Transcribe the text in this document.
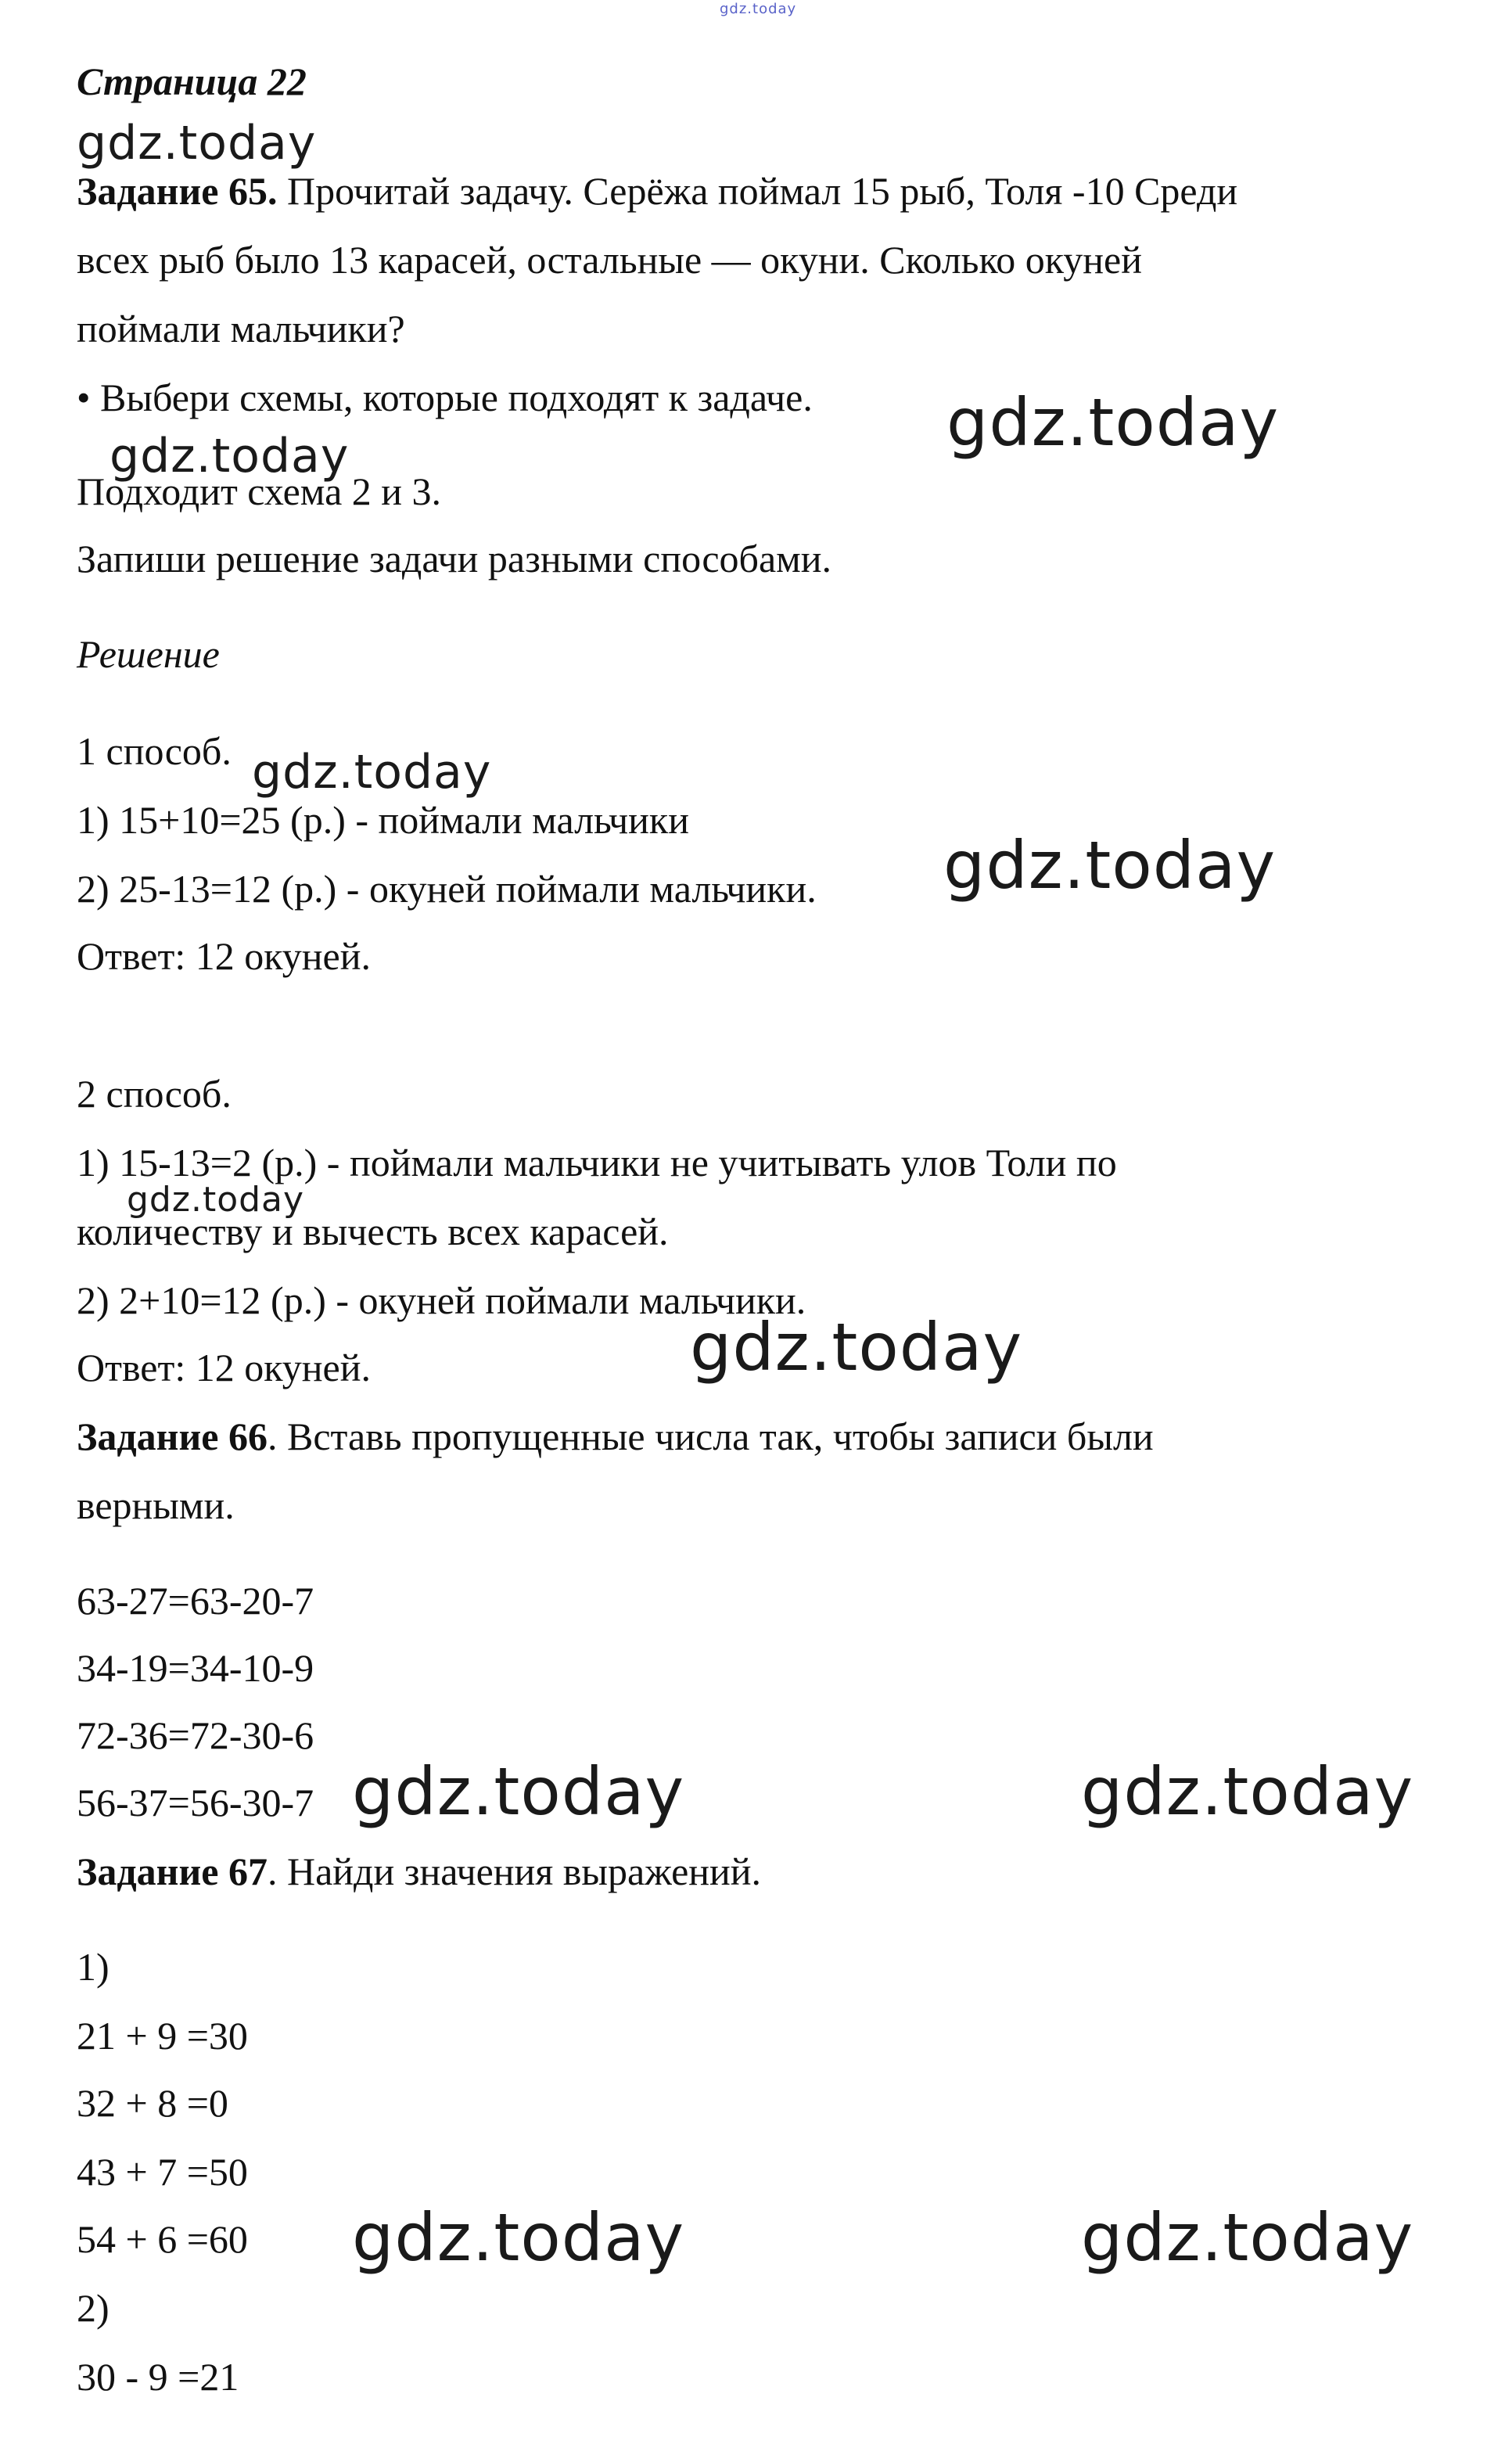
gdz.today
Страница 22
gdz.today
Задание 65. Прочитай задачу. Серёжа поймал 15 рыб, Толя -10 Среди
всех рыб было 13 карасей, остальные — окуни. Сколько окуней
поймали мальчики?
• Выбери схемы, которые подходят к задаче. gdz.today
gdz.today
Подходит схема 2 и 3.
Запиши решение задачи разными способами.
Решение
1 способ. gdz.today
1) 15+10=25 (р.) - поймали мальчики
2) 25-13=12 (р.) - окуней поймали мальчики. gdz.today
Ответ: 12 окуней.
2 способ.
1) 15-13=2 (р.) - поймали мальчики не учитывать улов Толи по
gdz.today
количеству и вычесть всех карасей.
2) 2+10=12 (р.) - окуней поймали мальчики.
gdz.today
Ответ: 12 окуней.
Задание 66. Вставь пропущенные числа так, чтобы записи были
верными.
63-27=63-20-7
34-19=34-10-9
72-36=72-30-6
56-37=56-30-7 gdz.today	gdz.today
Задание 67. Найди значения выражений.
1)
21 + 9 =30
32 + 8 =0
43 + 7 =50
54 + 6 =60 gdz.today	gdz.today
2)
30 - 9 =21
